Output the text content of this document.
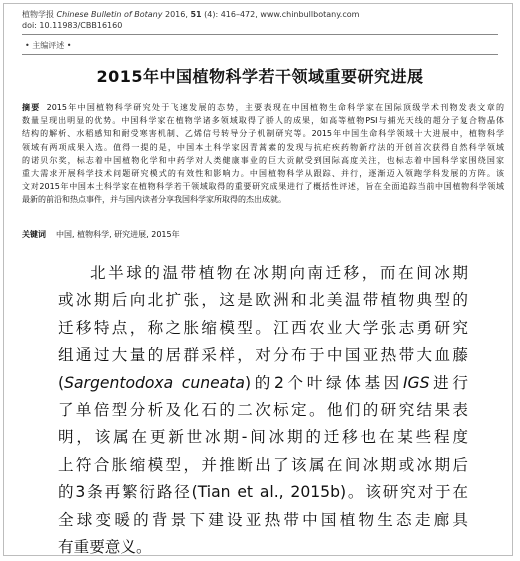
植物学报 Chinese Bulletin of Botany 2016, 51 (4): 416–472, www.chinbullbotany.com
doi: 10.11983/CBB16160
• 主编评述 •
2015年中国植物科学若干领域重要研究进展
摘要 2015年中国植物科学研究处于飞速发展的态势，主要表现在中国植物生命科学家在国际顶级学术刊物发表文章的
数量呈现出明显的优势。中国科学家在植物学诸多领域取得了骄人的成果，如高等植物PSI与捕光天线的超分子复合物晶体
结构的解析、水稻感知和耐受寒害机制、乙烯信号转导分子机制研究等。2015年中国生命科学领域十大进展中，植物科学
领域有两项成果入选。值得一提的是，中国本土科学家因青蒿素的发现与抗疟疾药物新疗法的开创首次获得自然科学领域
的诺贝尔奖，标志着中国植物化学和中药学对人类健康事业的巨大贡献受到国际高度关注，也标志着中国科学家围绕国家
重大需求开展科学技术问题研究模式的有效性和影响力。中国植物科学从跟踪、并行，逐渐迈入领跑学科发展的方阵。该
文对2015年中国本土科学家在植物科学若干领域取得的重要研究成果进行了概括性评述，旨在全面追踪当前中国植物科学领域
最新的前沿和热点事件，并与国内读者分享我国科学家所取得的杰出成就。
关键词 中国, 植物科学, 研究进展, 2015年
北半球的温带植物在冰期向南迁移，而在间冰期
或冰期后向北扩张，这是欧洲和北美温带植物典型的
迁移特点，称之胀缩模型。江西农业大学张志勇研究
组通过大量的居群采样，对分布于中国亚热带大血藤
(Sargentodoxa cuneata)的2个叶绿体基因IGS进行
了单倍型分析及化石的二次标定。他们的研究结果表
明，该属在更新世冰期-间冰期的迁移也在某些程度
上符合胀缩模型，并推断出了该属在间冰期或冰期后
的3条再繁衍路径(Tian et al., 2015b)。该研究对于在
全球变暖的背景下建设亚热带中国植物生态走廊具
有重要意义。
